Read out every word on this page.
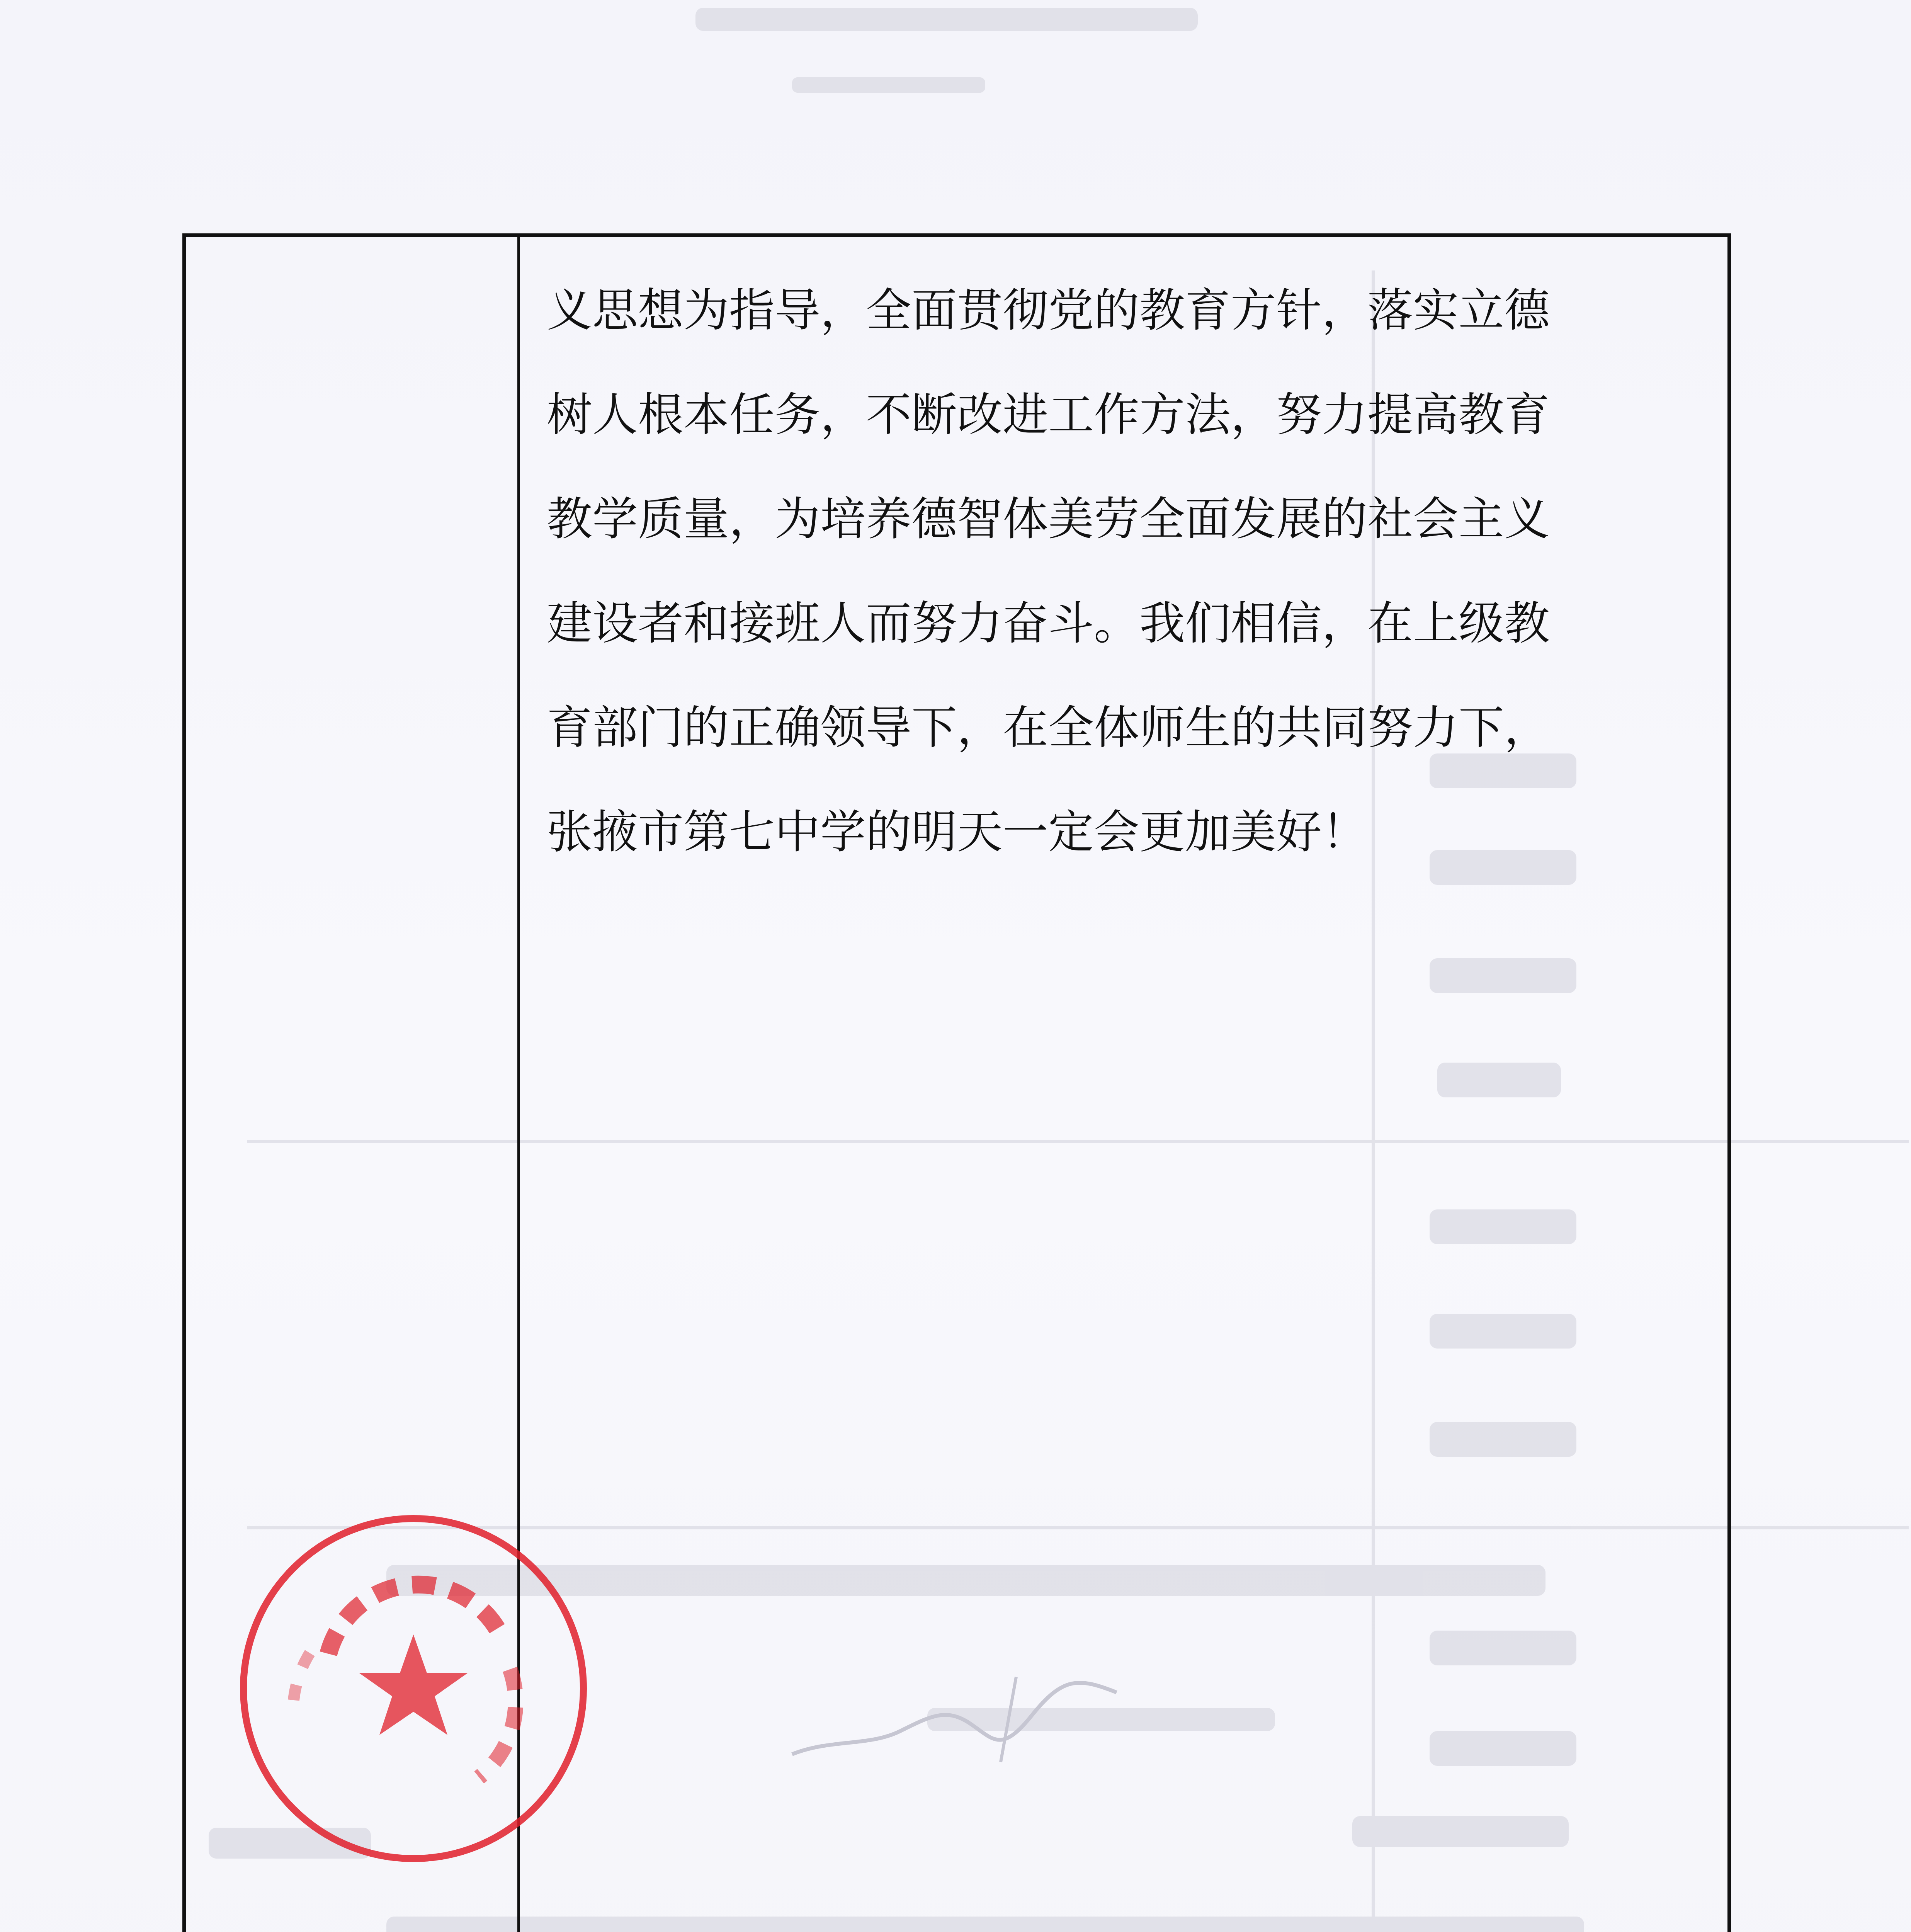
义思想为指导，全面贯彻党的教育方针，落实立德
树人根本任务，不断改进工作方法，努力提高教育
教学质量，为培养德智体美劳全面发展的社会主义
建设者和接班人而努力奋斗。我们相信，在上级教
育部门的正确领导下，在全体师生的共同努力下，
张掖市第七中学的明天一定会更加美好！
